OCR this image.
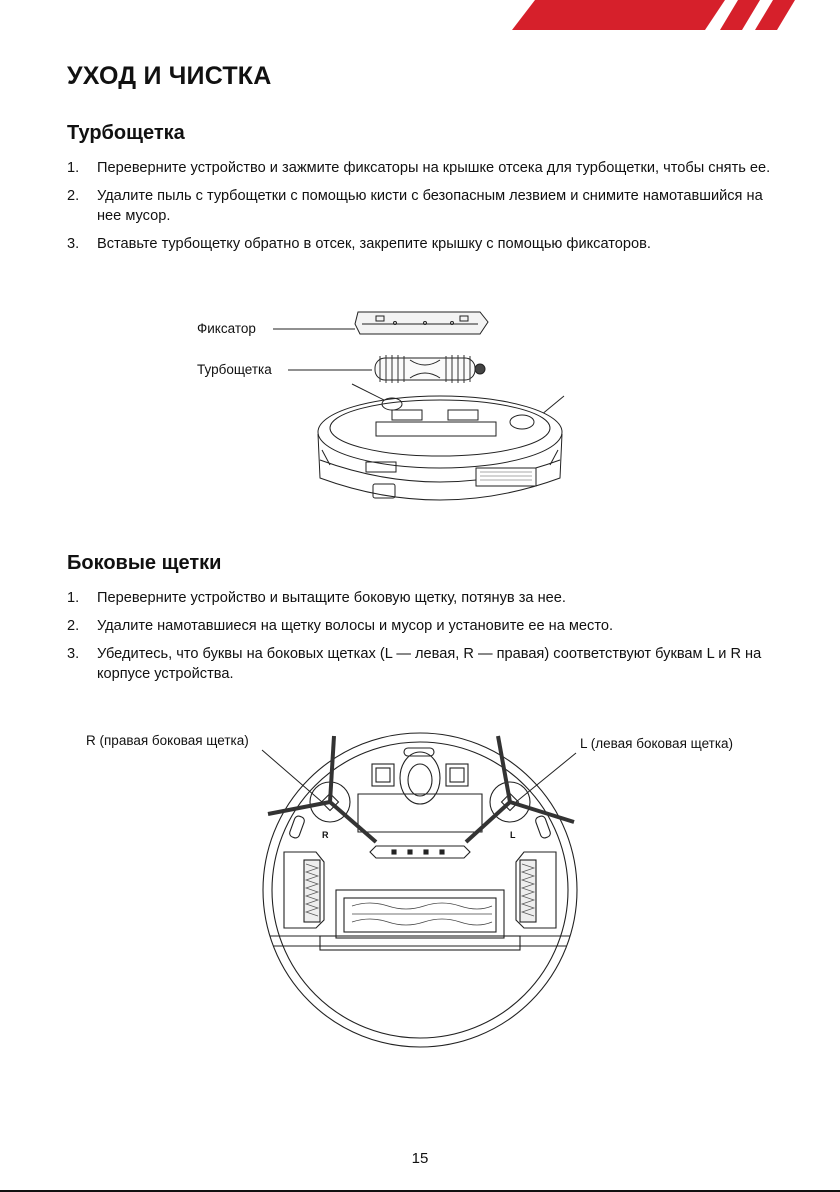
УХОД И ЧИСТКА
Турбощетка
1. Переверните устройство и зажмите фиксаторы на крышке отсека для турбощетки, чтобы снять ее.
2. Удалите пыль с турбощетки с помощью кисти с безопасным лезвием и снимите намотавшийся на нее мусор.
3. Вставьте турбощетку обратно в отсек, закрепите крышку с помощью фиксаторов.
Фиксатор
Турбощетка
Боковые щетки
1. Переверните устройство и вытащите боковую щетку, потянув за нее.
2. Удалите намотавшиеся на щетку волосы и мусор и установите ее на место.
3. Убедитесь, что буквы на боковых щетках (L — левая, R — правая) соответствуют буквам L и R на корпусе устройства.
R (правая боковая щетка)	L (левая боковая щетка)
R	L
15
